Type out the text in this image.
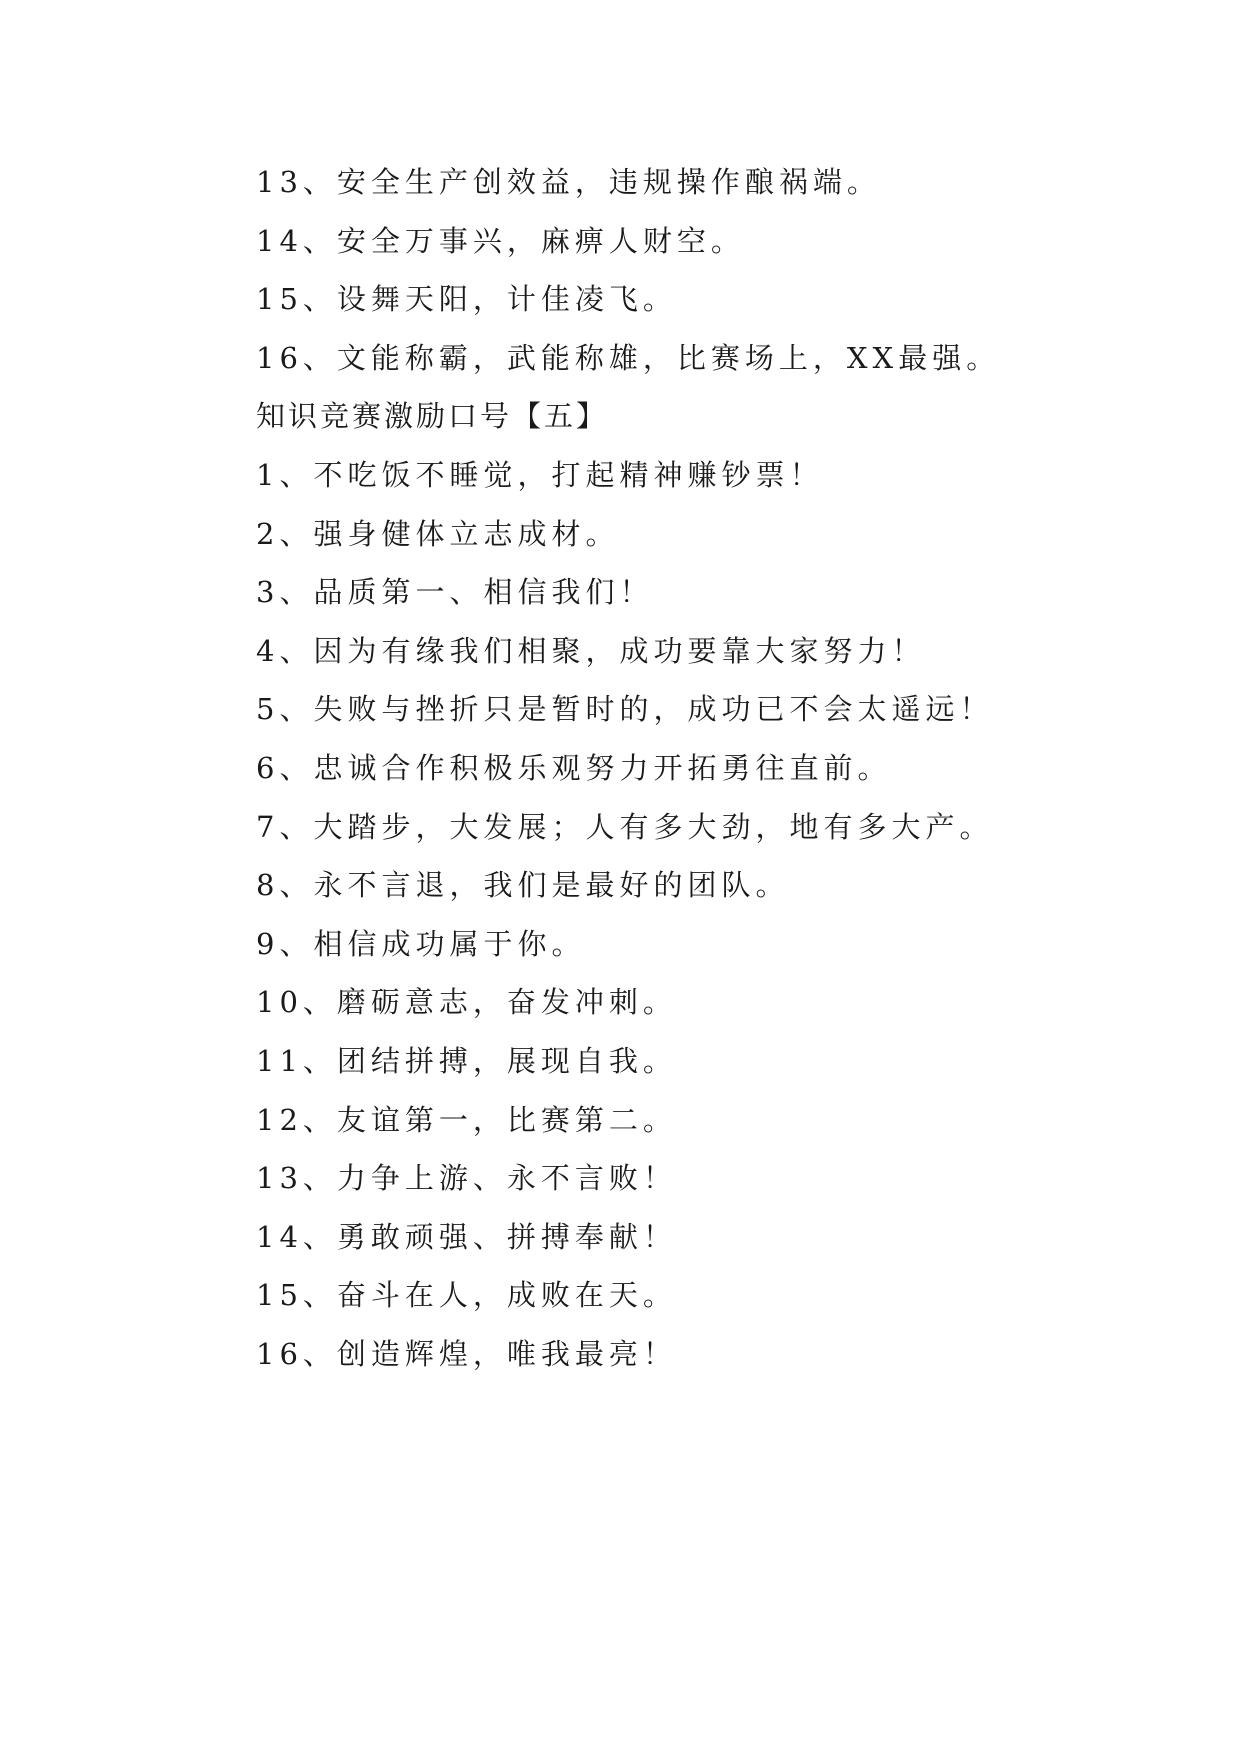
13、安全生产创效益，违规操作酿祸端。
14、安全万事兴，麻痹人财空。
15、设舞天阳，计佳凌飞。
16、文能称霸，武能称雄，比赛场上，XX最强。
知识竞赛激励口号【五】
1、不吃饭不睡觉，打起精神赚钞票！
2、强身健体立志成材。
3、品质第一、相信我们！
4、因为有缘我们相聚，成功要靠大家努力！
5、失败与挫折只是暂时的，成功已不会太遥远！
6、忠诚合作积极乐观努力开拓勇往直前。
7、大踏步，大发展；人有多大劲，地有多大产。
8、永不言退，我们是最好的团队。
9、相信成功属于你。
10、磨砺意志，奋发冲刺。
11、团结拼搏，展现自我。
12、友谊第一，比赛第二。
13、力争上游、永不言败！
14、勇敢顽强、拼搏奉献！
15、奋斗在人，成败在天。
16、创造辉煌，唯我最亮！
